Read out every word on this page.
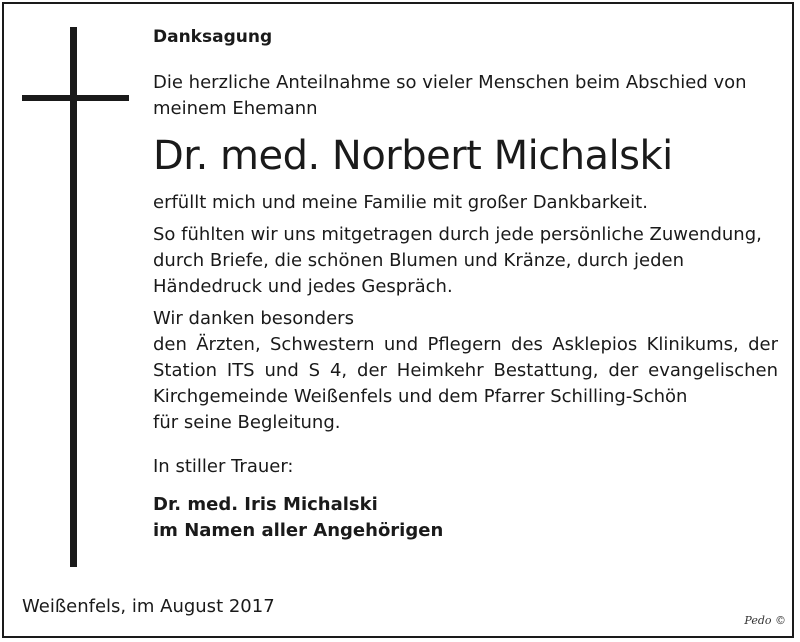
Danksagung

Die herzliche Anteilnahme so vieler Menschen beim Abschied von

meinem Ehemann

Dr. med. Norbert Michalski

erfüllt mich und meine Familie mit großer Dankbarkeit.

So fühlten wir uns mitgetragen durch jede persönliche Zuwendung,

durch Briefe, die schönen Blumen und Kränze, durch jeden

Händedruck und jedes Gespräch.

Wir danken besonders

den Ärzten, Schwestern und Pflegern des Asklepios Klinikums, der

Station ITS und S 4, der Heimkehr Bestattung, der evangelischen

Kirchgemeinde Weißenfels und dem Pfarrer Schilling-Schön

für seine Begleitung.

In stiller Trauer:

Dr. med. Iris Michalski

im Namen aller Angehörigen

Weißenfels, im August 2017
Pedo ©
